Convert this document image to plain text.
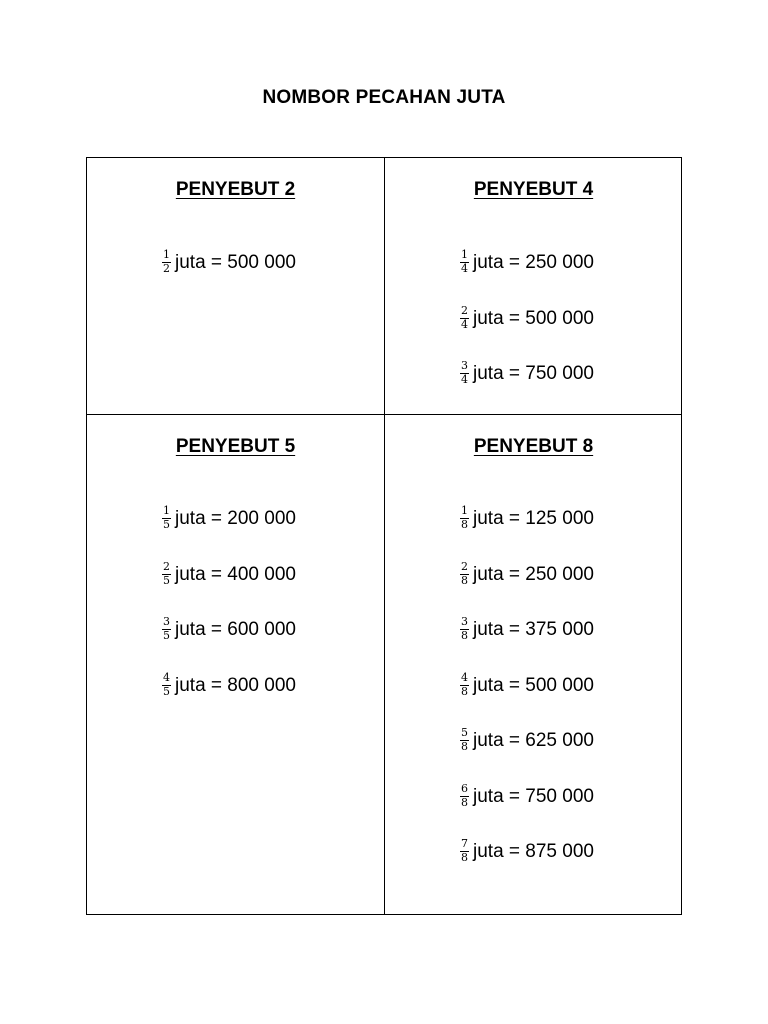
NOMBOR PECAHAN JUTA
PENYEBUT 2
$\frac{1}{2}$ juta = 500 000
PENYEBUT 4
$\frac{1}{4}$ juta = 250 000
$\frac{2}{4}$ juta = 500 000
$\frac{3}{4}$ juta = 750 000
PENYEBUT 5
$\frac{1}{5}$ juta = 200 000
$\frac{2}{5}$ juta = 400 000
$\frac{3}{5}$ juta = 600 000
$\frac{4}{5}$ juta = 800 000
PENYEBUT 8
$\frac{1}{8}$ juta = 125 000
$\frac{2}{8}$ juta = 250 000
$\frac{3}{8}$ juta = 375 000
$\frac{4}{8}$ juta = 500 000
$\frac{5}{8}$ juta = 625 000
$\frac{6}{8}$ juta = 750 000
$\frac{7}{8}$ juta = 875 000
